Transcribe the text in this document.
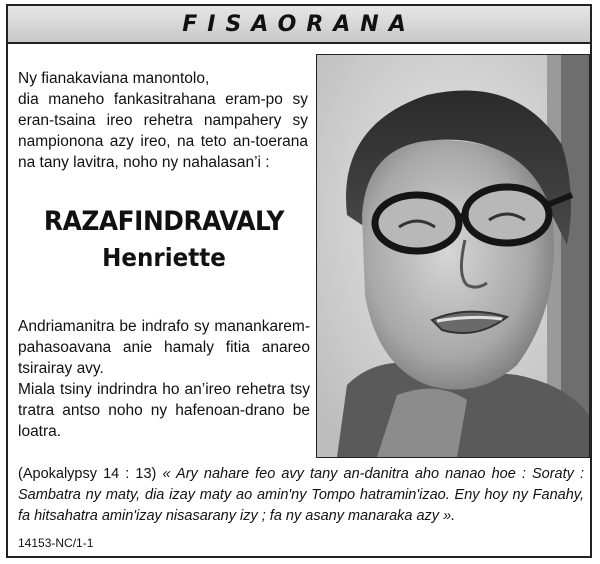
FISAORANA

Ny fianakaviana manontolo,
dia maneho fankasitrahana eram-po sy eran-tsaina ireo rehetra nampahery sy nampionona azy ireo, na teto an-toerana na tany lavitra, noho ny nahalasan’i :

RAZAFINDRAVALY
Henriette

Andriamanitra be indrafo sy manankarem-pahasoavana anie hamaly fitia anareo tsirairay avy.
Miala tsiny indrindra ho an’ireo rehetra tsy tratra antso noho ny hafenoan-drano be loatra.

(Apokalypsy 14 : 13) « Ary nahare feo avy tany an-danitra aho nanao hoe : Soraty : Sambatra ny maty, dia izay maty ao amin'ny Tompo hatramin'izao. Eny hoy ny Fanahy, fa hitsahatra amin'izay nisasarany izy ; fa ny asany manaraka azy ».

14153-NC/1-1
